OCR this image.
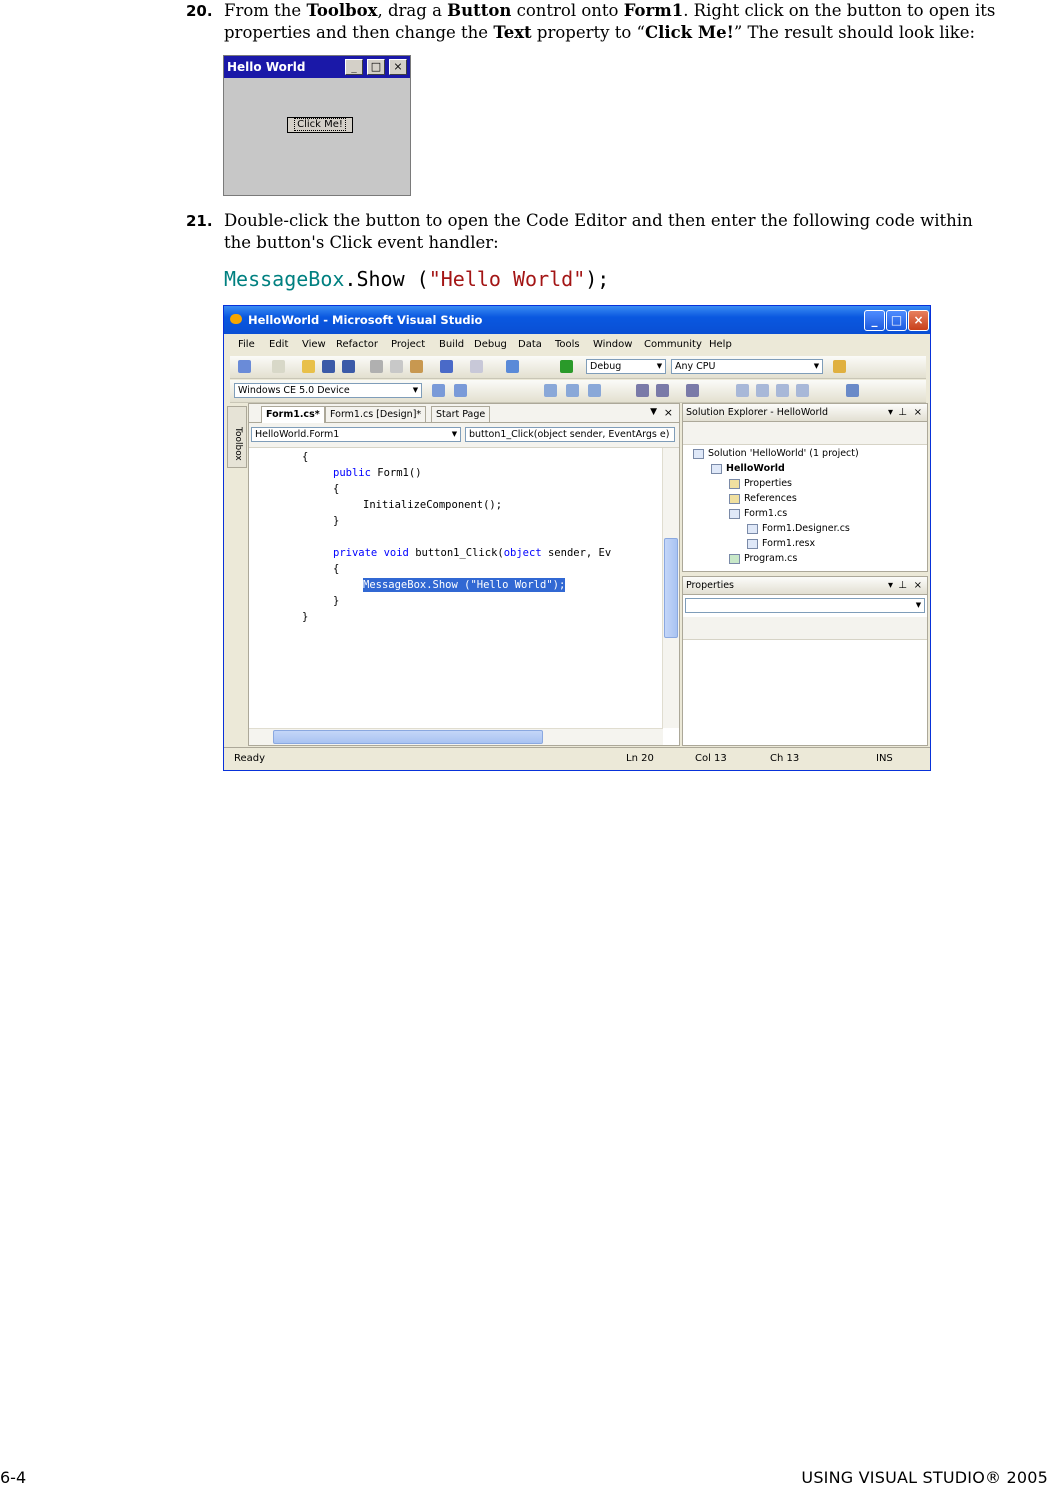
20. From the Toolbox, drag a Button control onto Form1. Right click on the button to open its properties and then change the Text property to “Click Me!” The result should look like:
Hello World	_	□	×
Click Me!
21. Double-click the button to open the Code Editor and then enter the following code within the button's Click event handler:
MessageBox.Show ("Hello World");
HelloWorld - Microsoft Visual Studio	_	□ ×
File Edit View Refactor Project Build Debug Data Tools Window Community Help
Debug	▼	Any CPU	▼
Windows CE 5.0 Device	▼
Toolbox
Form1.cs*	Form1.cs [Design]*	Start Page	▼ ×
HelloWorld.Form1	▼	button1_Click(object sender, EventArgs e)
{
public Form1()
{
InitializeComponent();
}
private void button1_Click(object sender, Ev
{
MessageBox.Show ("Hello World");
}
}
Solution Explorer - HelloWorld	▾ ⊥ ×
Solution 'HelloWorld' (1 project)
HelloWorld
Properties
References
Form1.cs
Form1.Designer.cs
Form1.resx
Program.cs
Properties	▾ ⊥ ×
▼
Ready	Ln 20	Col 13	Ch 13	INS
6-4	USING VISUAL STUDIO® 2005
